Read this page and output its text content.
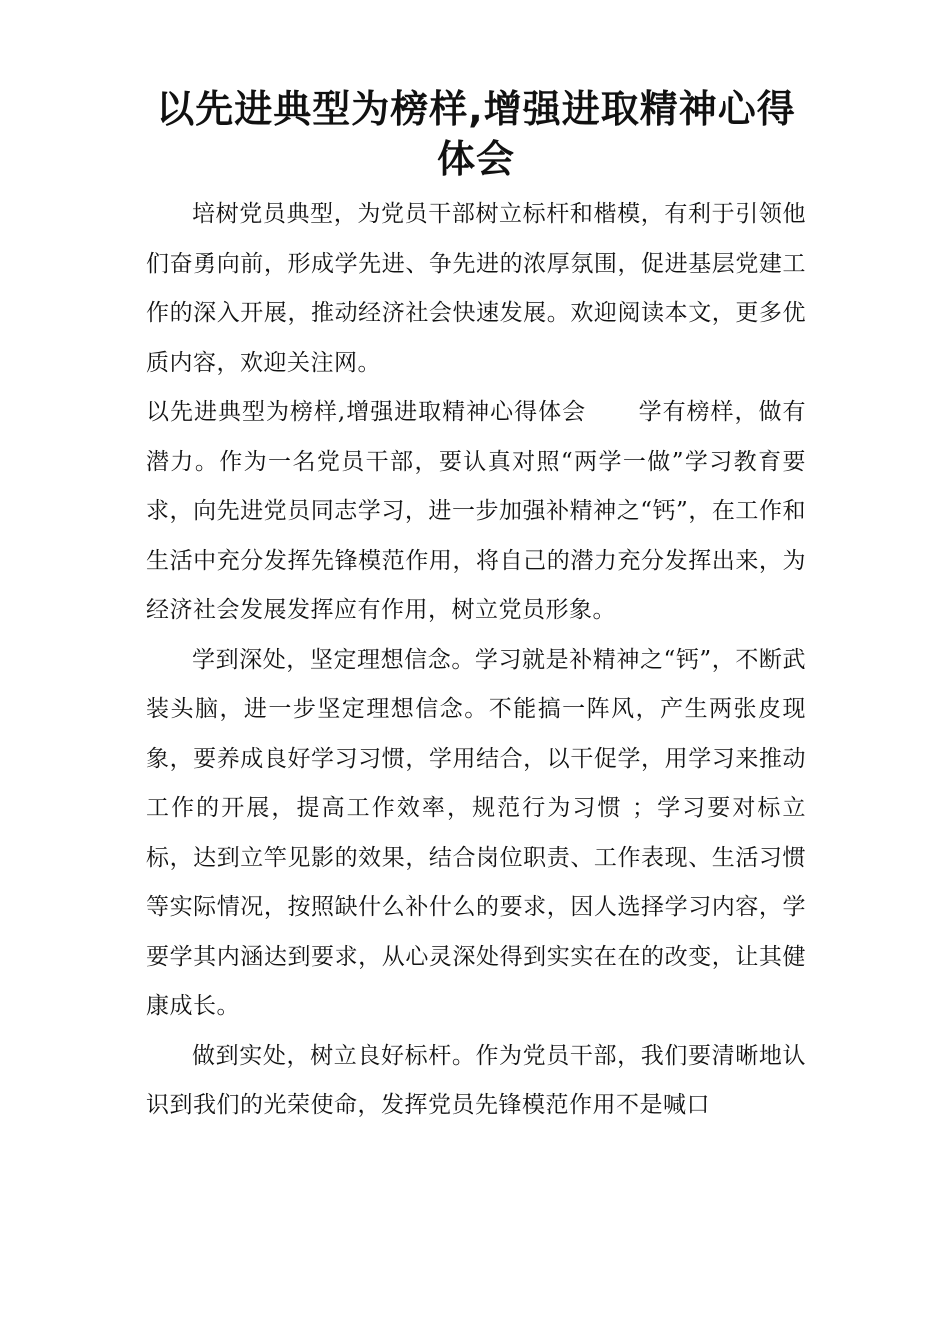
以先进典型为榜样,增强进取精神心得体会

培树党员典型，为党员干部树立标杆和楷模，有利于引领他们奋勇向前，形成学先进、争先进的浓厚氛围，促进基层党建工作的深入开展，推动经济社会快速发展。欢迎阅读本文，更多优质内容，欢迎关注网。

以先进典型为榜样,增强进取精神心得体会 学有榜样，做有潜力。作为一名党员干部，要认真对照“两学一做”学习教育要求，向先进党员同志学习，进一步加强补精神之“钙”，在工作和生活中充分发挥先锋模范作用，将自己的潜力充分发挥出来，为经济社会发展发挥应有作用，树立党员形象。

学到深处，坚定理想信念。学习就是补精神之“钙”，不断武装头脑，进一步坚定理想信念。不能搞一阵风，产生两张皮现象，要养成良好学习习惯，学用结合，以干促学，用学习来推动工作的开展，提高工作效率，规范行为习惯 ；学习要对标立标，达到立竿见影的效果，结合岗位职责、工作表现、生活习惯等实际情况，按照缺什么补什么的要求，因人选择学习内容，学要学其内涵达到要求，从心灵深处得到实实在在的改变，让其健康成长。

做到实处，树立良好标杆。作为党员干部，我们要清晰地认识到我们的光荣使命，发挥党员先锋模范作用不是喊口
